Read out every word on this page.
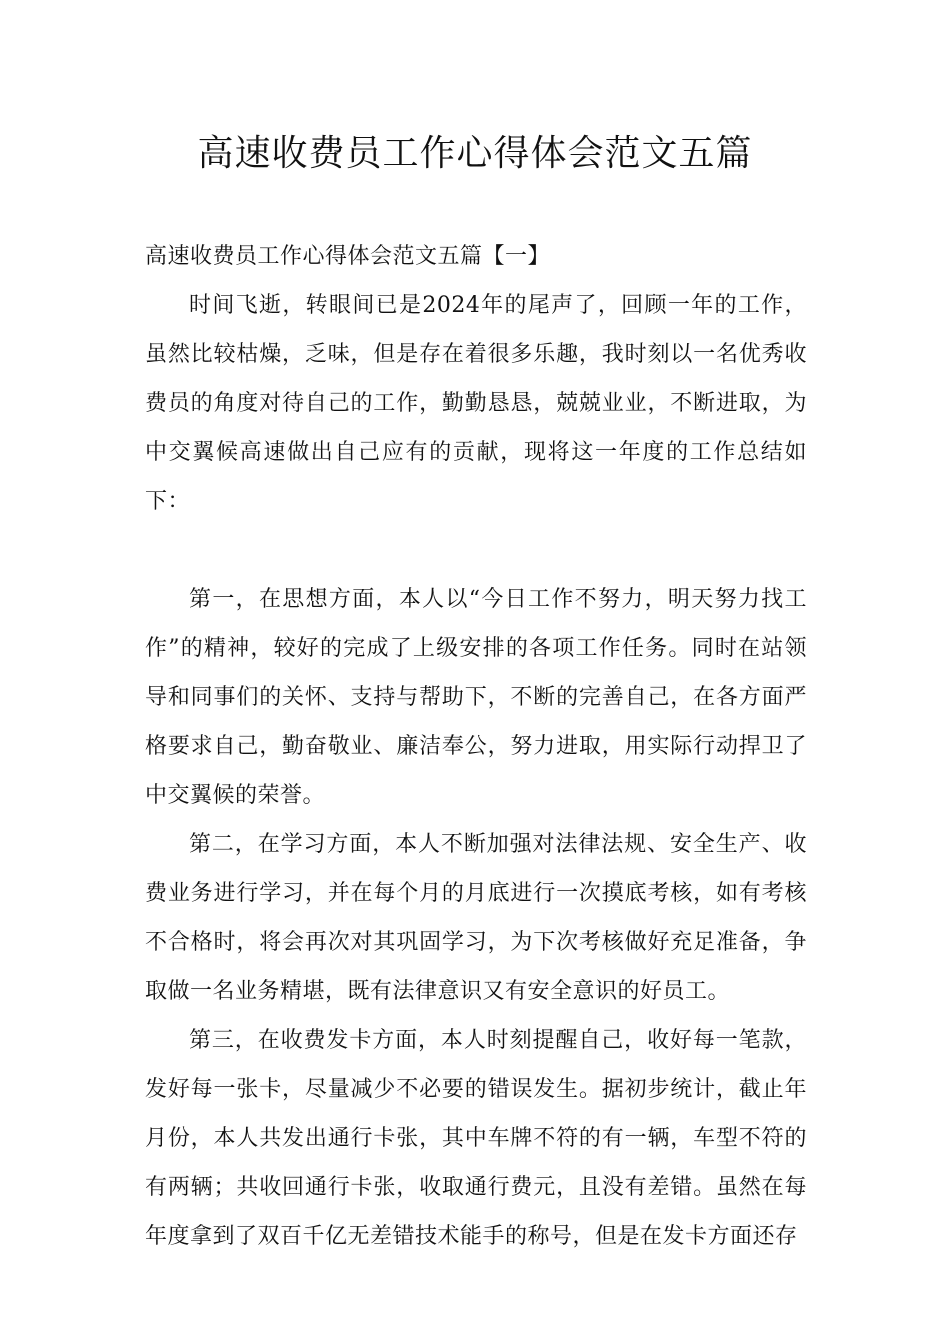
高速收费员工作心得体会范文五篇
高速收费员工作心得体会范文五篇【一】

时间飞逝，转眼间已是2024年的尾声了，回顾一年的工作，虽然比较枯燥，乏味，但是存在着很多乐趣，我时刻以一名优秀收费员的角度对待自己的工作，勤勤恳恳，兢兢业业，不断进取，为中交翼候高速做出自己应有的贡献，现将这一年度的工作总结如下：

第一，在思想方面，本人以“今日工作不努力，明天努力找工作”的精神，较好的完成了上级安排的各项工作任务。同时在站领导和同事们的关怀、支持与帮助下，不断的完善自己，在各方面严格要求自己，勤奋敬业、廉洁奉公，努力进取，用实际行动捍卫了中交翼候的荣誉。

第二，在学习方面，本人不断加强对法律法规、安全生产、收费业务进行学习，并在每个月的月底进行一次摸底考核，如有考核不合格时，将会再次对其巩固学习，为下次考核做好充足准备，争取做一名业务精堪，既有法律意识又有安全意识的好员工。

第三，在收费发卡方面，本人时刻提醒自己，收好每一笔款，发好每一张卡，尽量减少不必要的错误发生。据初步统计，截止年月份，本人共发出通行卡张，其中车牌不符的有一辆，车型不符的有两辆；共收回通行卡张，收取通行费元，且没有差错。虽然在每年度拿到了双百千亿无差错技术能手的称号，但是在发卡方面还存
